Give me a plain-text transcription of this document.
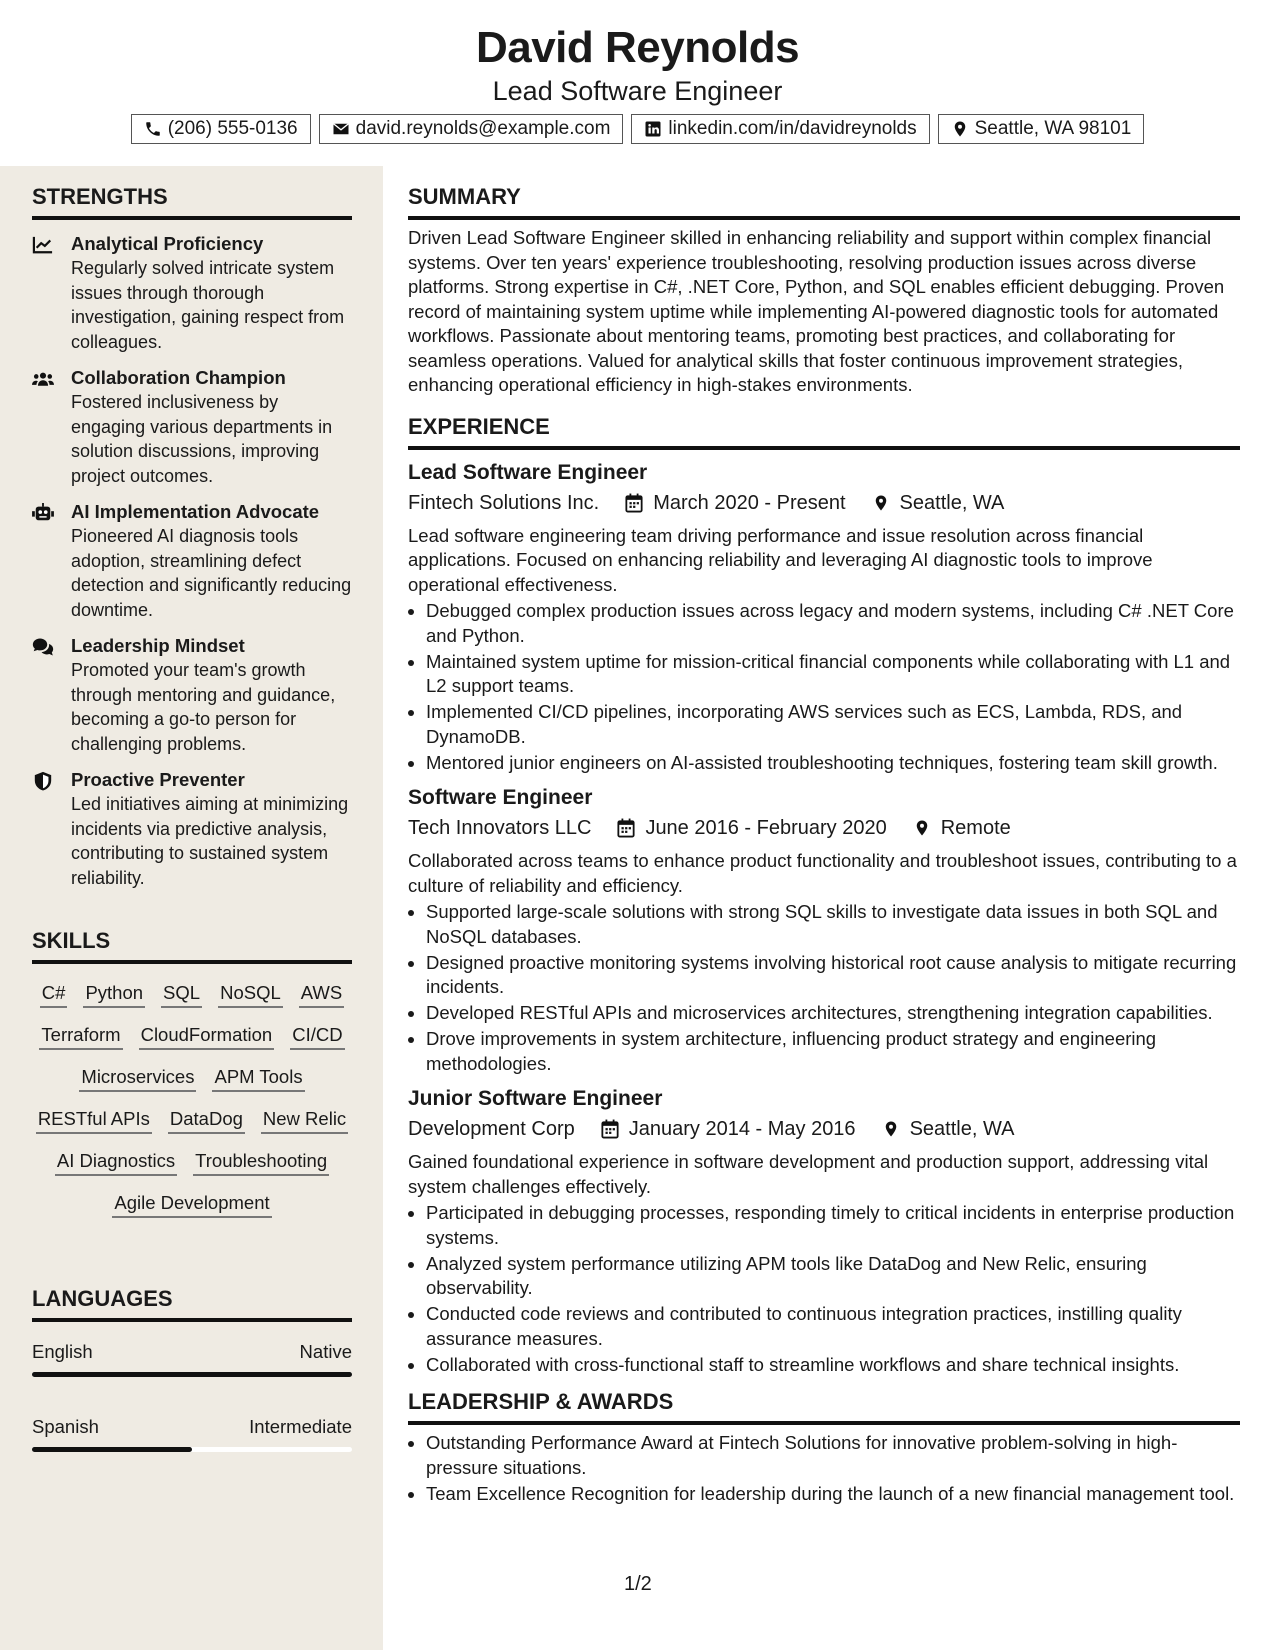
David Reynolds
Lead Software Engineer
(206) 555-0136	david.reynolds@example.com	linkedin.com/in/davidreynolds	Seattle, WA 98101
STRENGTHS
Analytical Proficiency
Regularly solved intricate system issues through thorough investigation, gaining respect from colleagues.
Collaboration Champion
Fostered inclusiveness by engaging various departments in solution discussions, improving project outcomes.
AI Implementation Advocate
Pioneered AI diagnosis tools adoption, streamlining defect detection and significantly reducing downtime.
Leadership Mindset
Promoted your team's growth through mentoring and guidance, becoming a go-to person for challenging problems.
Proactive Preventer
Led initiatives aiming at minimizing incidents via predictive analysis, contributing to sustained system reliability.
SKILLS
C# Python SQL NoSQL AWS
Terraform CloudFormation CI/CD
Microservices APM Tools
RESTful APIs DataDog New Relic
AI Diagnostics Troubleshooting
Agile Development
LANGUAGES
English	Native
Spanish	Intermediate
SUMMARY
Driven Lead Software Engineer skilled in enhancing reliability and support within complex financial systems. Over ten years' experience troubleshooting, resolving production issues across diverse platforms. Strong expertise in C#, .NET Core, Python, and SQL enables efficient debugging. Proven record of maintaining system uptime while implementing AI-powered diagnostic tools for automated workflows. Passionate about mentoring teams, promoting best practices, and collaborating for seamless operations. Valued for analytical skills that foster continuous improvement strategies, enhancing operational efficiency in high-stakes environments.
EXPERIENCE
Lead Software Engineer
Fintech Solutions Inc.	March 2020 - Present	Seattle, WA
Lead software engineering team driving performance and issue resolution across financial applications. Focused on enhancing reliability and leveraging AI diagnostic tools to improve operational effectiveness.
• Debugged complex production issues across legacy and modern systems, including C# .NET Core and Python.
• Maintained system uptime for mission-critical financial components while collaborating with L1 and L2 support teams.
• Implemented CI/CD pipelines, incorporating AWS services such as ECS, Lambda, RDS, and DynamoDB.
• Mentored junior engineers on AI-assisted troubleshooting techniques, fostering team skill growth.
Software Engineer
Tech Innovators LLC	June 2016 - February 2020	Remote
Collaborated across teams to enhance product functionality and troubleshoot issues, contributing to a culture of reliability and efficiency.
• Supported large-scale solutions with strong SQL skills to investigate data issues in both SQL and NoSQL databases.
• Designed proactive monitoring systems involving historical root cause analysis to mitigate recurring incidents.
• Developed RESTful APIs and microservices architectures, strengthening integration capabilities.
• Drove improvements in system architecture, influencing product strategy and engineering methodologies.
Junior Software Engineer
Development Corp	January 2014 - May 2016	Seattle, WA
Gained foundational experience in software development and production support, addressing vital system challenges effectively.
• Participated in debugging processes, responding timely to critical incidents in enterprise production systems.
• Analyzed system performance utilizing APM tools like DataDog and New Relic, ensuring observability.
• Conducted code reviews and contributed to continuous integration practices, instilling quality assurance measures.
• Collaborated with cross-functional staff to streamline workflows and share technical insights.
LEADERSHIP & AWARDS
• Outstanding Performance Award at Fintech Solutions for innovative problem-solving in high-pressure situations.
• Team Excellence Recognition for leadership during the launch of a new financial management tool.
1/2
